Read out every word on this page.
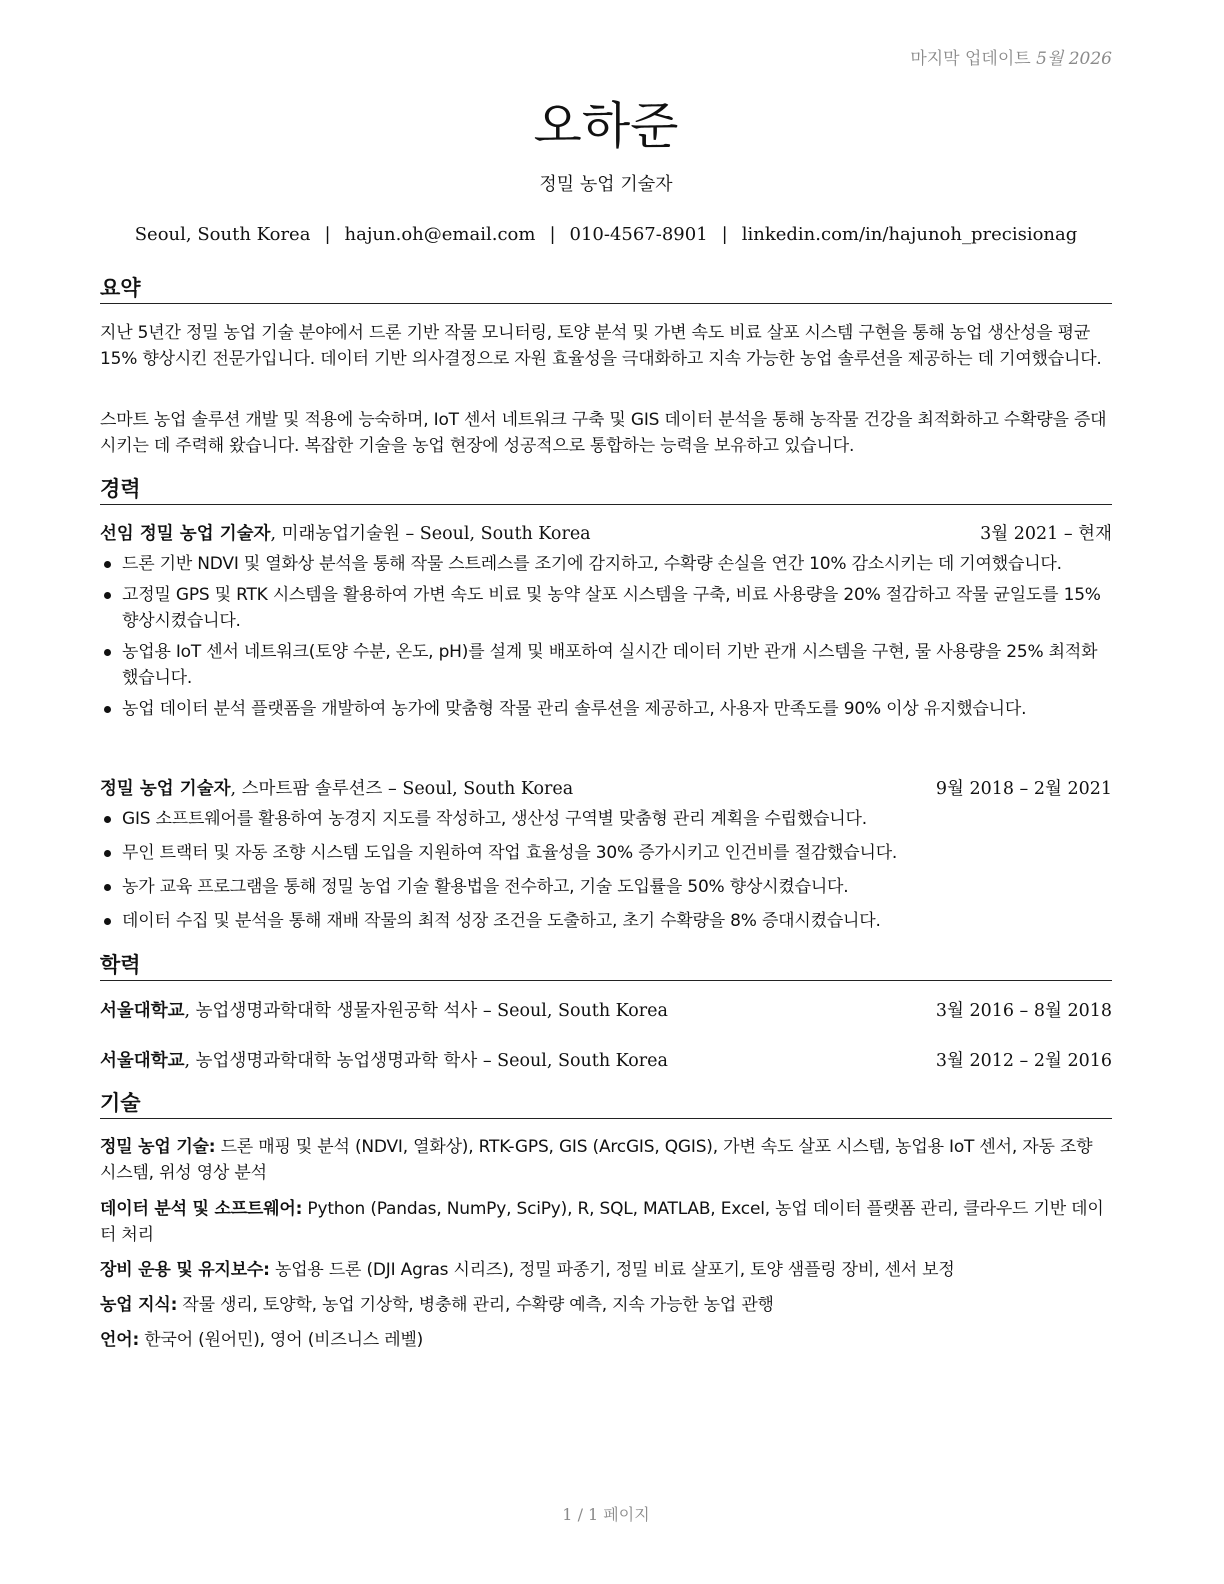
마지막 업데이트 5월 2026
오하준
정밀 농업 기술자
Seoul, South Korea | hajun.oh@email.com | 010-4567-8901 | linkedin.com/in/hajunoh_precisionag
요약
지난 5년간 정밀 농업 기술 분야에서 드론 기반 작물 모니터링, 토양 분석 및 가변 속도 비료 살포 시스템 구현을 통해 농업 생산성을 평균 15% 향상시킨 전문가입니다. 데이터 기반 의사결정으로 자원 효율성을 극대화하고 지속 가능한 농업 솔루션을 제공하는 데 기여했습니다.
스마트 농업 솔루션 개발 및 적용에 능숙하며, IoT 센서 네트워크 구축 및 GIS 데이터 분석을 통해 농작물 건강을 최적화하고 수확량을 증대시키는 데 주력해 왔습니다. 복잡한 기술을 농업 현장에 성공적으로 통합하는 능력을 보유하고 있습니다.
경력
선임 정밀 농업 기술자, 미래농업기술원 – Seoul, South Korea	3월 2021 – 현재
드론 기반 NDVI 및 열화상 분석을 통해 작물 스트레스를 조기에 감지하고, 수확량 손실을 연간 10% 감소시키는 데 기여했습니다.
고정밀 GPS 및 RTK 시스템을 활용하여 가변 속도 비료 및 농약 살포 시스템을 구축, 비료 사용량을 20% 절감하고 작물 균일도를 15% 향상시켰습니다.
농업용 IoT 센서 네트워크(토양 수분, 온도, pH)를 설계 및 배포하여 실시간 데이터 기반 관개 시스템을 구현, 물 사용량을 25% 최적화했습니다.
농업 데이터 분석 플랫폼을 개발하여 농가에 맞춤형 작물 관리 솔루션을 제공하고, 사용자 만족도를 90% 이상 유지했습니다.
정밀 농업 기술자, 스마트팜 솔루션즈 – Seoul, South Korea	9월 2018 – 2월 2021
GIS 소프트웨어를 활용하여 농경지 지도를 작성하고, 생산성 구역별 맞춤형 관리 계획을 수립했습니다.
무인 트랙터 및 자동 조향 시스템 도입을 지원하여 작업 효율성을 30% 증가시키고 인건비를 절감했습니다.
농가 교육 프로그램을 통해 정밀 농업 기술 활용법을 전수하고, 기술 도입률을 50% 향상시켰습니다.
데이터 수집 및 분석을 통해 재배 작물의 최적 성장 조건을 도출하고, 초기 수확량을 8% 증대시켰습니다.
학력
서울대학교, 농업생명과학대학 생물자원공학 석사 – Seoul, South Korea	3월 2016 – 8월 2018
서울대학교, 농업생명과학대학 농업생명과학 학사 – Seoul, South Korea	3월 2012 – 2월 2016
기술
정밀 농업 기술: 드론 매핑 및 분석 (NDVI, 열화상), RTK-GPS, GIS (ArcGIS, QGIS), 가변 속도 살포 시스템, 농업용 IoT 센서, 자동 조향 시스템, 위성 영상 분석
데이터 분석 및 소프트웨어: Python (Pandas, NumPy, SciPy), R, SQL, MATLAB, Excel, 농업 데이터 플랫폼 관리, 클라우드 기반 데이터 처리
장비 운용 및 유지보수: 농업용 드론 (DJI Agras 시리즈), 정밀 파종기, 정밀 비료 살포기, 토양 샘플링 장비, 센서 보정
농업 지식: 작물 생리, 토양학, 농업 기상학, 병충해 관리, 수확량 예측, 지속 가능한 농업 관행
언어: 한국어 (원어민), 영어 (비즈니스 레벨)
1 / 1 페이지
